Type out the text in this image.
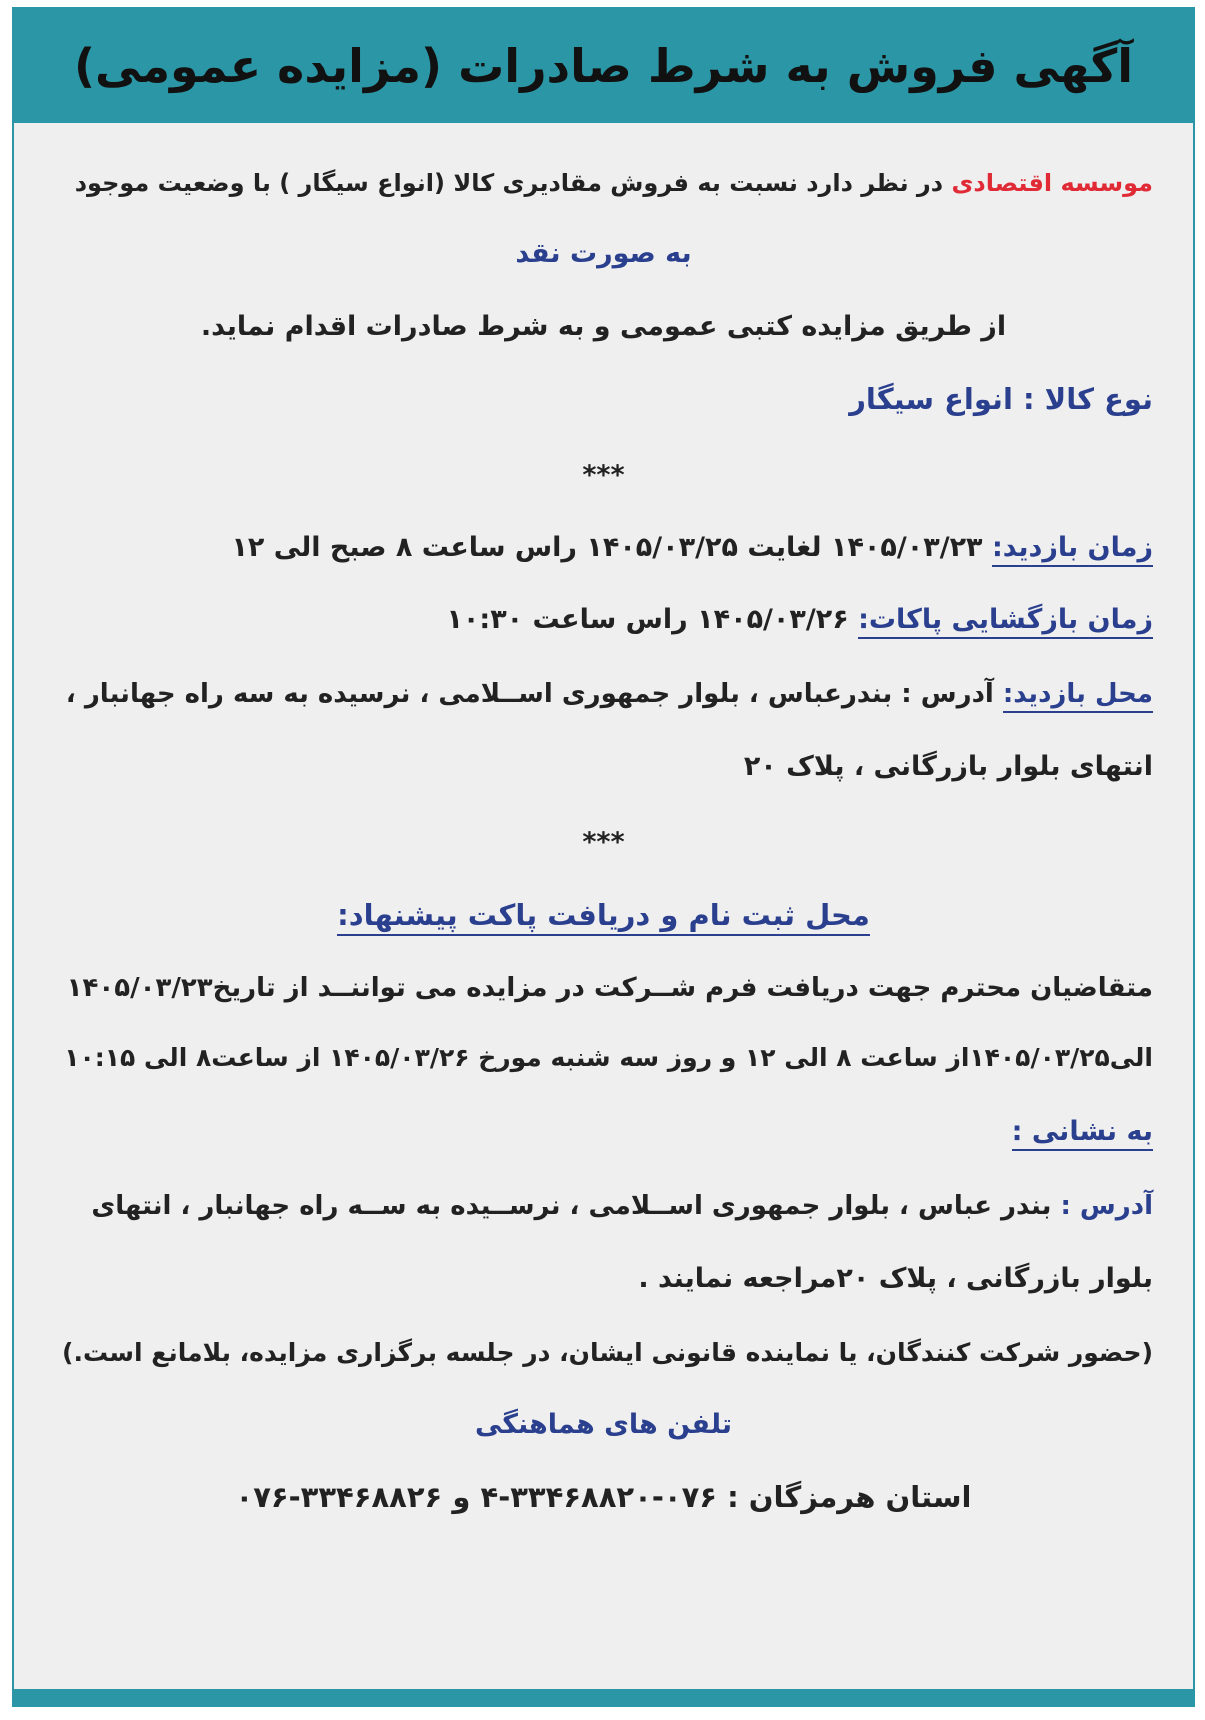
آگهی فروش به شرط صادرات (مزایده عمومی)
موسسه اقتصادی در نظر دارد نسبت به فروش مقادیری کالا (انواع سیگار ) با وضعیت موجود
به صورت نقد
از طریق مزایده کتبی عمومی و به شرط صادرات اقدام نماید.
نوع کالا : انواع سیگار
***
زمان بازدید: ۱۴۰۵/۰۳/۲۳ لغایت ۱۴۰۵/۰۳/۲۵ راس ساعت ۸ صبح الی ۱۲
زمان بازگشایی پاکات: ۱۴۰۵/۰۳/۲۶ راس ساعت ۱۰:۳۰
محل بازدید: آدرس : بندرعباس ، بلوار جمهوری اســلامی ، نرسیده به سه راه جهانبار ،
انتهای بلوار بازرگانی ، پلاک ۲۰
***
محل ثبت نام و دریافت پاکت پیشنهاد:
متقاضیان محترم جهت دریافت فرم شــرکت در مزایده می تواننــد از تاریخ۱۴۰۵/۰۳/۲۳
الی۱۴۰۵/۰۳/۲۵از ساعت ۸ الی ۱۲ و روز سه شنبه مورخ ۱۴۰۵/۰۳/۲۶ از ساعت۸ الی ۱۰:۱۵
به نشانی :
آدرس : بندر عباس ، بلوار جمهوری اســلامی ، نرســیده به ســه راه جهانبار ، انتهای
بلوار بازرگانی ، پلاک ۲۰مراجعه نمایند .
(حضور شرکت کنندگان، یا نماینده قانونی ایشان، در جلسه برگزاری مزایده، بلامانع است.)
تلفن های هماهنگی
استان هرمزگان : ۰۷۶-۳۳۴۶۸۸۲۰-۴ و ۳۳۴۶۸۸۲۶-۰۷۶
